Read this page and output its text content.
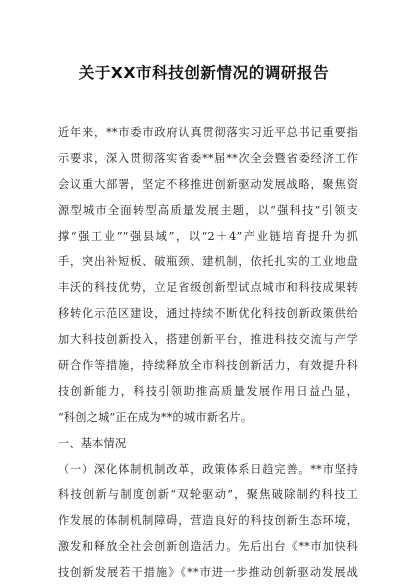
关于XX市科技创新情况的调研报告
近年来，**市委市政府认真贯彻落实习近平总书记重要指
示要求，深入贯彻落实省委**届**次全会暨省委经济工作
会议重大部署，坚定不移推进创新驱动发展战略，聚焦资
源型城市全面转型高质量发展主题，以“强科技”引领支
撑“强工业”“强县域”，以“2＋4”产业链培育提升为抓
手，突出补短板、破瓶颈、建机制，依托扎实的工业地盘
丰沃的科技优势，立足省级创新型试点城市和科技成果转
移转化示范区建设，通过持续不断优化科技创新政策供给
加大科技创新投入，搭建创新平台，推进科技交流与产学
研合作等措施，持续释放全市科技创新活力，有效提升科
技创新能力，科技引领助推高质量发展作用日益凸显，
“科创之城”正在成为**的城市新名片。
一、基本情况
（一）深化体制机制改革，政策体系日趋完善。**市坚持
科技创新与制度创新“双轮驱动”，聚焦破除制约科技工
作发展的体制机制障碍，营造良好的科技创新生态环境，
激发和释放全社会创新创造活力。先后出台《**市加快科
技创新发展若干措施》《**市进一步推动创新驱动发展战
